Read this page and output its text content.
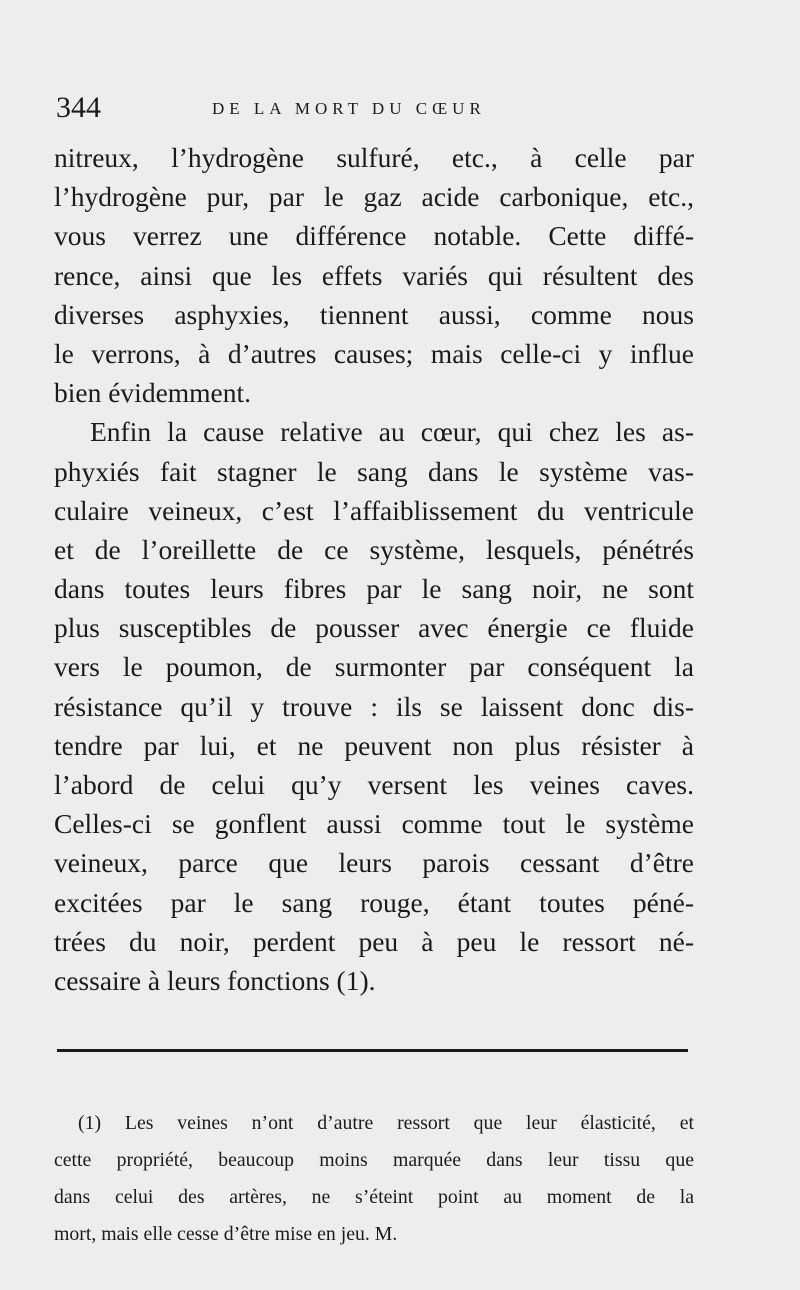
344	DE LA MORT DU CŒUR
nitreux, l’hydrogène sulfuré, etc., à celle par
l’hydrogène pur, par le gaz acide carbonique, etc.,
vous verrez une différence notable. Cette diffé-
rence, ainsi que les effets variés qui résultent des
diverses asphyxies, tiennent aussi, comme nous
le verrons, à d’autres causes; mais celle-ci y influe
bien évidemment.
Enfin la cause relative au cœur, qui chez les as-
phyxiés fait stagner le sang dans le système vas-
culaire veineux, c’est l’affaiblissement du ventricule
et de l’oreillette de ce système, lesquels, pénétrés
dans toutes leurs fibres par le sang noir, ne sont
plus susceptibles de pousser avec énergie ce fluide
vers le poumon, de surmonter par conséquent la
résistance qu’il y trouve : ils se laissent donc dis-
tendre par lui, et ne peuvent non plus résister à
l’abord de celui qu’y versent les veines caves.
Celles-ci se gonflent aussi comme tout le système
veineux, parce que leurs parois cessant d’être
excitées par le sang rouge, étant toutes péné-
trées du noir, perdent peu à peu le ressort né-
cessaire à leurs fonctions (1).
(1) Les veines n’ont d’autre ressort que leur élasticité, et
cette propriété, beaucoup moins marquée dans leur tissu que
dans celui des artères, ne s’éteint point au moment de la
mort, mais elle cesse d’être mise en jeu. M.
